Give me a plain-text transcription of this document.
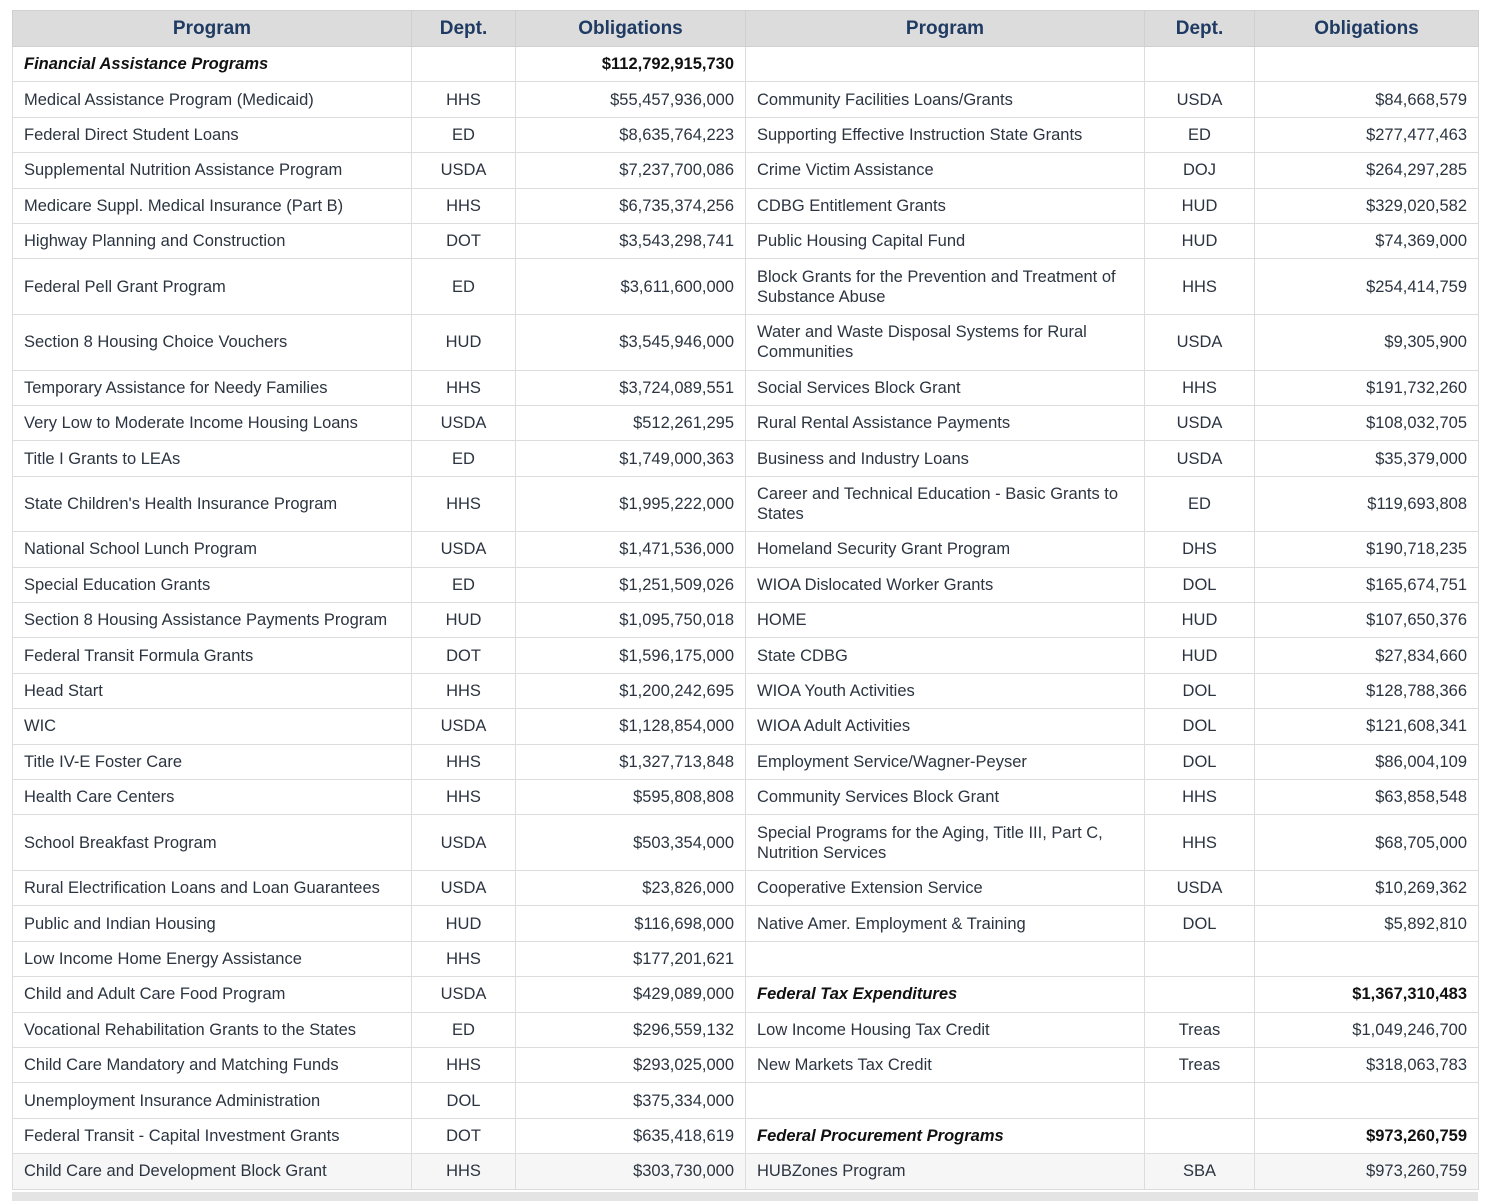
Program	Dept.	Obligations	Program	Dept.	Obligations
Financial Assistance Programs		$112,792,915,730			
Medical Assistance Program (Medicaid)	HHS	$55,457,936,000	Community Facilities Loans/Grants	USDA	$84,668,579
Federal Direct Student Loans	ED	$8,635,764,223	Supporting Effective Instruction State Grants	ED	$277,477,463
Supplemental Nutrition Assistance Program	USDA	$7,237,700,086	Crime Victim Assistance	DOJ	$264,297,285
Medicare Suppl. Medical Insurance (Part B)	HHS	$6,735,374,256	CDBG Entitlement Grants	HUD	$329,020,582
Highway Planning and Construction	DOT	$3,543,298,741	Public Housing Capital Fund	HUD	$74,369,000
Federal Pell Grant Program	ED	$3,611,600,000	Block Grants for the Prevention and Treatment of Substance Abuse	HHS	$254,414,759
Section 8 Housing Choice Vouchers	HUD	$3,545,946,000	Water and Waste Disposal Systems for Rural Communities	USDA	$9,305,900
Temporary Assistance for Needy Families	HHS	$3,724,089,551	Social Services Block Grant	HHS	$191,732,260
Very Low to Moderate Income Housing Loans	USDA	$512,261,295	Rural Rental Assistance Payments	USDA	$108,032,705
Title I Grants to LEAs	ED	$1,749,000,363	Business and Industry Loans	USDA	$35,379,000
State Children's Health Insurance Program	HHS	$1,995,222,000	Career and Technical Education - Basic Grants to States	ED	$119,693,808
National School Lunch Program	USDA	$1,471,536,000	Homeland Security Grant Program	DHS	$190,718,235
Special Education Grants	ED	$1,251,509,026	WIOA Dislocated Worker Grants	DOL	$165,674,751
Section 8 Housing Assistance Payments Program	HUD	$1,095,750,018	HOME	HUD	$107,650,376
Federal Transit Formula Grants	DOT	$1,596,175,000	State CDBG	HUD	$27,834,660
Head Start	HHS	$1,200,242,695	WIOA Youth Activities	DOL	$128,788,366
WIC	USDA	$1,128,854,000	WIOA Adult Activities	DOL	$121,608,341
Title IV-E Foster Care	HHS	$1,327,713,848	Employment Service/Wagner-Peyser	DOL	$86,004,109
Health Care Centers	HHS	$595,808,808	Community Services Block Grant	HHS	$63,858,548
School Breakfast Program	USDA	$503,354,000	Special Programs for the Aging, Title III, Part C, Nutrition Services	HHS	$68,705,000
Rural Electrification Loans and Loan Guarantees	USDA	$23,826,000	Cooperative Extension Service	USDA	$10,269,362
Public and Indian Housing	HUD	$116,698,000	Native Amer. Employment & Training	DOL	$5,892,810
Low Income Home Energy Assistance	HHS	$177,201,621			
Child and Adult Care Food Program	USDA	$429,089,000	Federal Tax Expenditures		$1,367,310,483
Vocational Rehabilitation Grants to the States	ED	$296,559,132	Low Income Housing Tax Credit	Treas	$1,049,246,700
Child Care Mandatory and Matching Funds	HHS	$293,025,000	New Markets Tax Credit	Treas	$318,063,783
Unemployment Insurance Administration	DOL	$375,334,000			
Federal Transit - Capital Investment Grants	DOT	$635,418,619	Federal Procurement Programs		$973,260,759
Child Care and Development Block Grant	HHS	$303,730,000	HUBZones Program	SBA	$973,260,759
